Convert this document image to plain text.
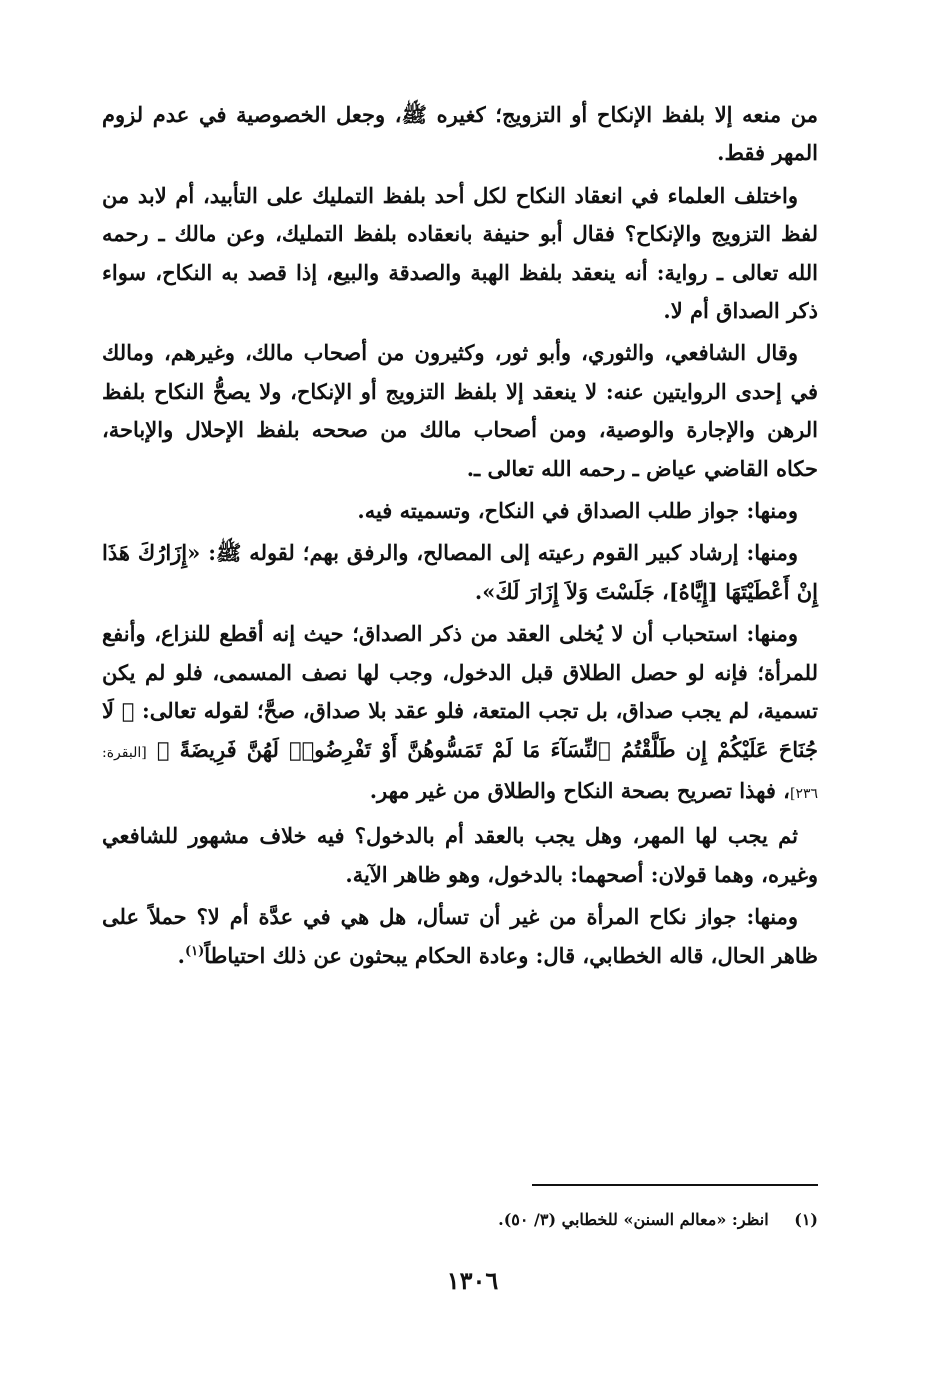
من منعه إلا بلفظ الإنكاح أو التزويج؛ كغيره ﷺ، وجعل الخصوصية في عدم لزوم المهر فقط.

واختلف العلماء في انعقاد النكاح لكل أحد بلفظ التمليك على التأبيد، أم لابد من لفظ التزويج والإنكاح؟ فقال أبو حنيفة بانعقاده بلفظ التمليك، وعن مالك ـ رحمه الله تعالى ـ رواية: أنه ينعقد بلفظ الهبة والصدقة والبيع، إذا قصد به النكاح، سواء ذكر الصداق أم لا.

وقال الشافعي، والثوري، وأبو ثور، وكثيرون من أصحاب مالك، وغيرهم، ومالك في إحدى الروايتين عنه: لا ينعقد إلا بلفظ التزويج أو الإنكاح، ولا يصحُّ النكاح بلفظ الرهن والإجارة والوصية، ومن أصحاب مالك من صححه بلفظ الإحلال والإباحة، حكاه القاضي عياض ـ رحمه الله تعالى ـ.

ومنها: جواز طلب الصداق في النكاح، وتسميته فيه.

ومنها: إرشاد كبير القوم رعيته إلى المصالح، والرفق بهم؛ لقوله ﷺ: «إِزَارُكَ هَذَا إِنْ أَعْطَيْتَهَا [إِيَّاهُ]، جَلَسْتَ وَلاَ إِزَارَ لَكَ».

ومنها: استحباب أن لا يُخلى العقد من ذكر الصداق؛ حيث إنه أقطع للنزاع، وأنفع للمرأة؛ فإنه لو حصل الطلاق قبل الدخول، وجب لها نصف المسمى، فلو لم يكن تسمية، لم يجب صداق، بل تجب المتعة، فلو عقد بلا صداق، صحَّ؛ لقوله تعالى: ﴿ لَا جُنَاحَ عَلَيْكُمْ إِن طَلَّقْتُمُ ٱلنِّسَآءَ مَا لَمْ تَمَسُّوهُنَّ أَوْ تَفْرِضُوا۟ لَهُنَّ فَرِيضَةً ﴾ [البقرة: ٢٣٦]، فهذا تصريح بصحة النكاح والطلاق من غير مهر.

ثم يجب لها المهر، وهل يجب بالعقد أم بالدخول؟ فيه خلاف مشهور للشافعي وغيره، وهما قولان: أصحهما: بالدخول، وهو ظاهر الآية.

ومنها: جواز نكاح المرأة من غير أن تسأل، هل هي في عدَّة أم لا؟ حملاً على ظاهر الحال، قاله الخطابي، قال: وعادة الحكام يبحثون عن ذلك احتياطاً$^{(١)}$.

(١) انظر: «معالم السنن» للخطابي (٣/ ٥٠).
١٣٠٦
